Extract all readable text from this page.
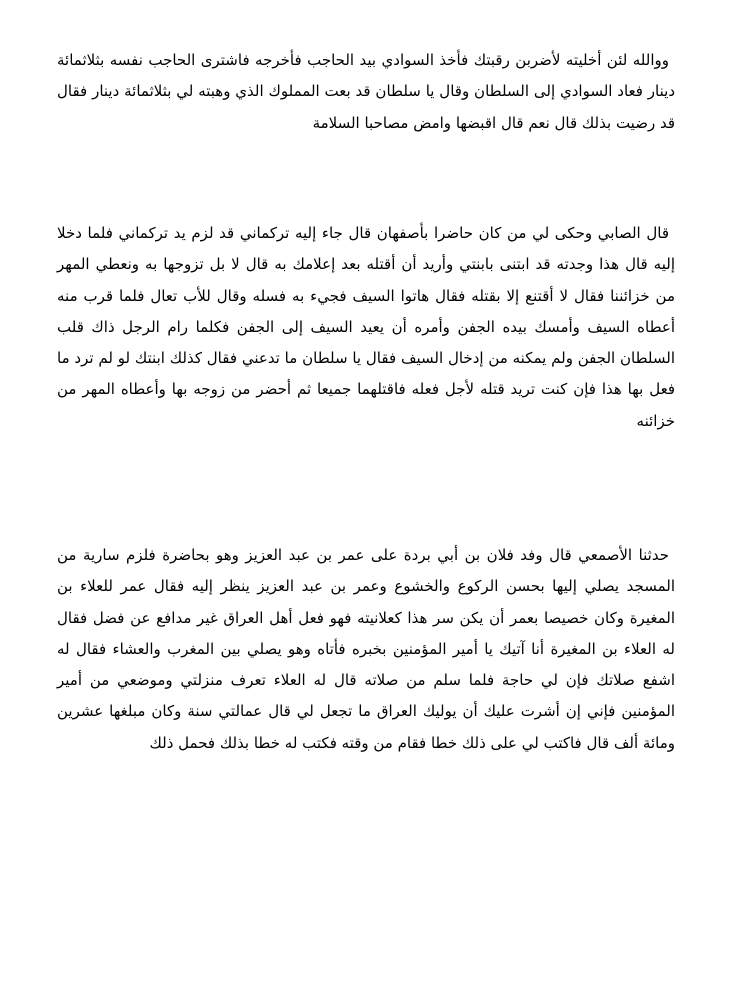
ووالله لئن أخليته لأضربن رقبتك فأخذ السوادي بيد الحاجب فأخرجه فاشترى الحاجب نفسه بثلاثمائة دينار فعاد السوادي إلى السلطان وقال يا سلطان قد بعت المملوك الذي وهبته لي بثلاثمائة دينار فقال قد رضيت بذلك قال نعم قال اقبضها وامض مصاحبا السلامة

قال الصابي وحكى لي من كان حاضرا بأصفهان قال جاء إليه تركماني قد لزم يد تركماني فلما دخلا إليه قال هذا وجدته قد ابتنى بابنتي وأريد أن أقتله بعد إعلامك به قال لا بل تزوجها به ونعطي المهر من خزائننا فقال لا أقتنع إلا بقتله فقال هاتوا السيف فجيء به فسله وقال للأب تعال فلما قرب منه أعطاه السيف وأمسك بيده الجفن وأمره أن يعيد السيف إلى الجفن فكلما رام الرجل ذاك قلب السلطان الجفن ولم يمكنه من إدخال السيف فقال يا سلطان ما تدعني فقال كذلك ابنتك لو لم ترد ما فعل بها هذا فإن كنت تريد قتله لأجل فعله فاقتلهما جميعا ثم أحضر من زوجه بها وأعطاه المهر من خزائنه

حدثنا الأصمعي قال وفد فلان بن أبي بردة على عمر بن عبد العزيز وهو بحاضرة فلزم سارية من المسجد يصلي إليها بحسن الركوع والخشوع وعمر بن عبد العزيز ينظر إليه فقال عمر للعلاء بن المغيرة وكان خصيصا بعمر أن يكن سر هذا كعلانيته فهو فعل أهل العراق غير مدافع عن فضل فقال له العلاء بن المغيرة أنا آتيك يا أمير المؤمنين بخبره فأتاه وهو يصلي بين المغرب والعشاء فقال له اشفع صلاتك فإن لي حاجة فلما سلم من صلاته قال له العلاء تعرف منزلتي وموضعي من أمير المؤمنين فإني إن أشرت عليك أن يوليك العراق ما تجعل لي قال عمالتي سنة وكان مبلغها عشرين ومائة ألف قال فاكتب لي على ذلك خطا فقام من وقته فكتب له خطا بذلك فحمل ذلك
